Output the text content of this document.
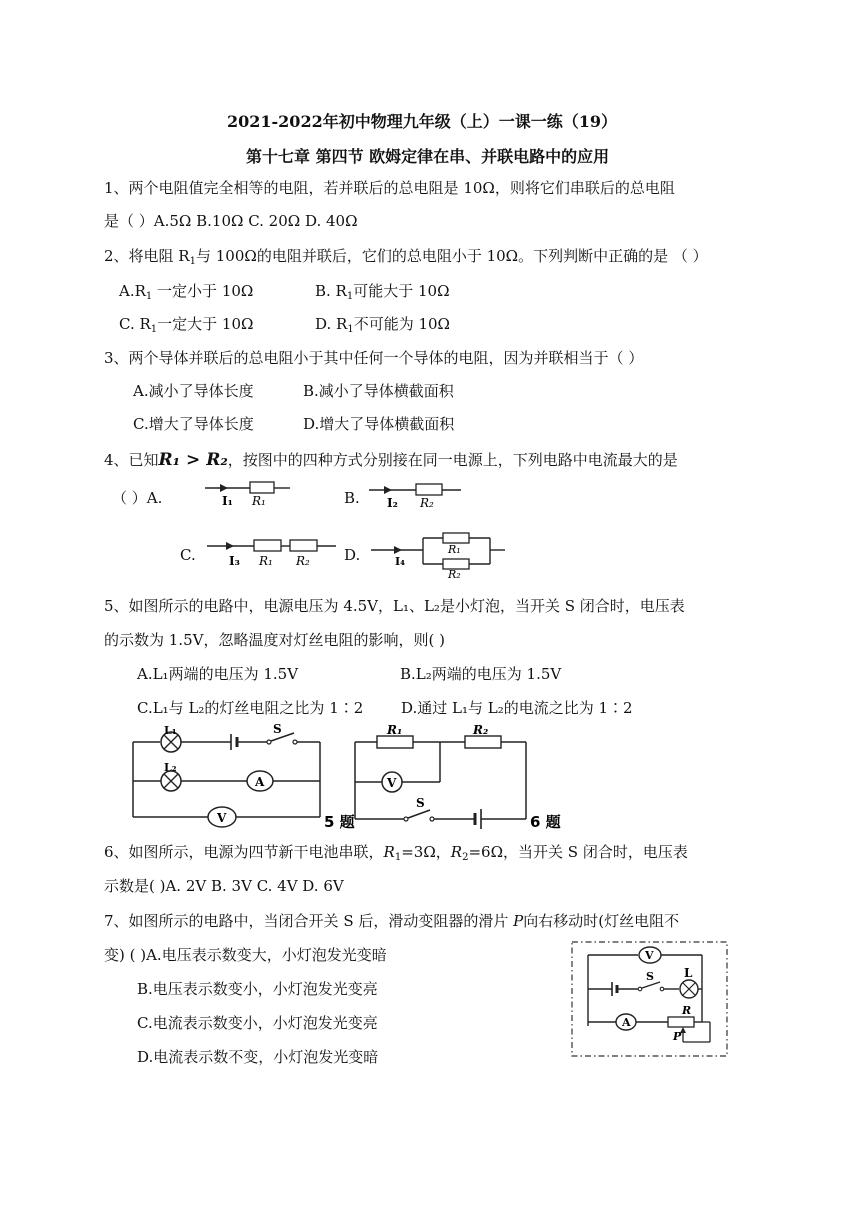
2021-2022年初中物理九年级（上）一课一练（19）
第十七章 第四节 欧姆定律在串、并联电路中的应用
1、两个电阻值完全相等的电阻，若并联后的总电阻是 10Ω，则将它们串联后的总电阻
是（ ）A.5Ω B.10Ω C. 20Ω D. 40Ω
2、将电阻 $R_1$与 100Ω的电阻并联后，它们的总电阻小于 10Ω。下列判断中正确的是 （ ）
$A.R_1$ 一定小于 10Ω	B. $R_1$可能大于 10Ω
C. $R_1$一定大于 10Ω	D. $R_1$不可能为 10Ω
3、两个导体并联后的总电阻小于其中任何一个导体的电阻，因为并联相当于（ ）
A.减小了导体长度	B.减小了导体横截面积
C.增大了导体长度	D.增大了导体横截面积
4、已知R₁ > R₂，按图中的四种方式分别接在同一电源上，下列电路中电流最大的是
（ ）A.	B.
C.	D.
I₁ R₁	I₂ R₂
I₃ R₁ R₂	I₄
R₁
R₂
5、如图所示的电路中，电源电压为 4.5V，L₁、L₂是小灯泡，当开关 S 闭合时，电压表
的示数为 1.5V，忽略温度对灯丝电阻的影响，则( )
A.L₁两端的电压为 1.5V	B.L₂两端的电压为 1.5V
C.L₁与 L₂的灯丝电阻之比为 1∶2	D.通过 L₁与 L₂的电流之比为 1∶2
L₁
L₂
S
A
V	5 题
R₁	R₂
V
S
6 题
6、如图所示，电源为四节新干电池串联，$R_1=3\Omega$，$R_2=6\Omega$，当开关 S 闭合时，电压表
示数是( )A. 2V B. 3V C. 4V D. 6V
7、如图所示的电路中，当闭合开关 S 后，滑动变阻器的滑片 P向右移动时(灯丝电阻不
变) ( )A.电压表示数变大，小灯泡发光变暗
B.电压表示数变小，小灯泡发光变亮
C.电流表示数变小，小灯泡发光变亮
D.电流表示数不变，小灯泡发光变暗
V
S	L
A
R
P
